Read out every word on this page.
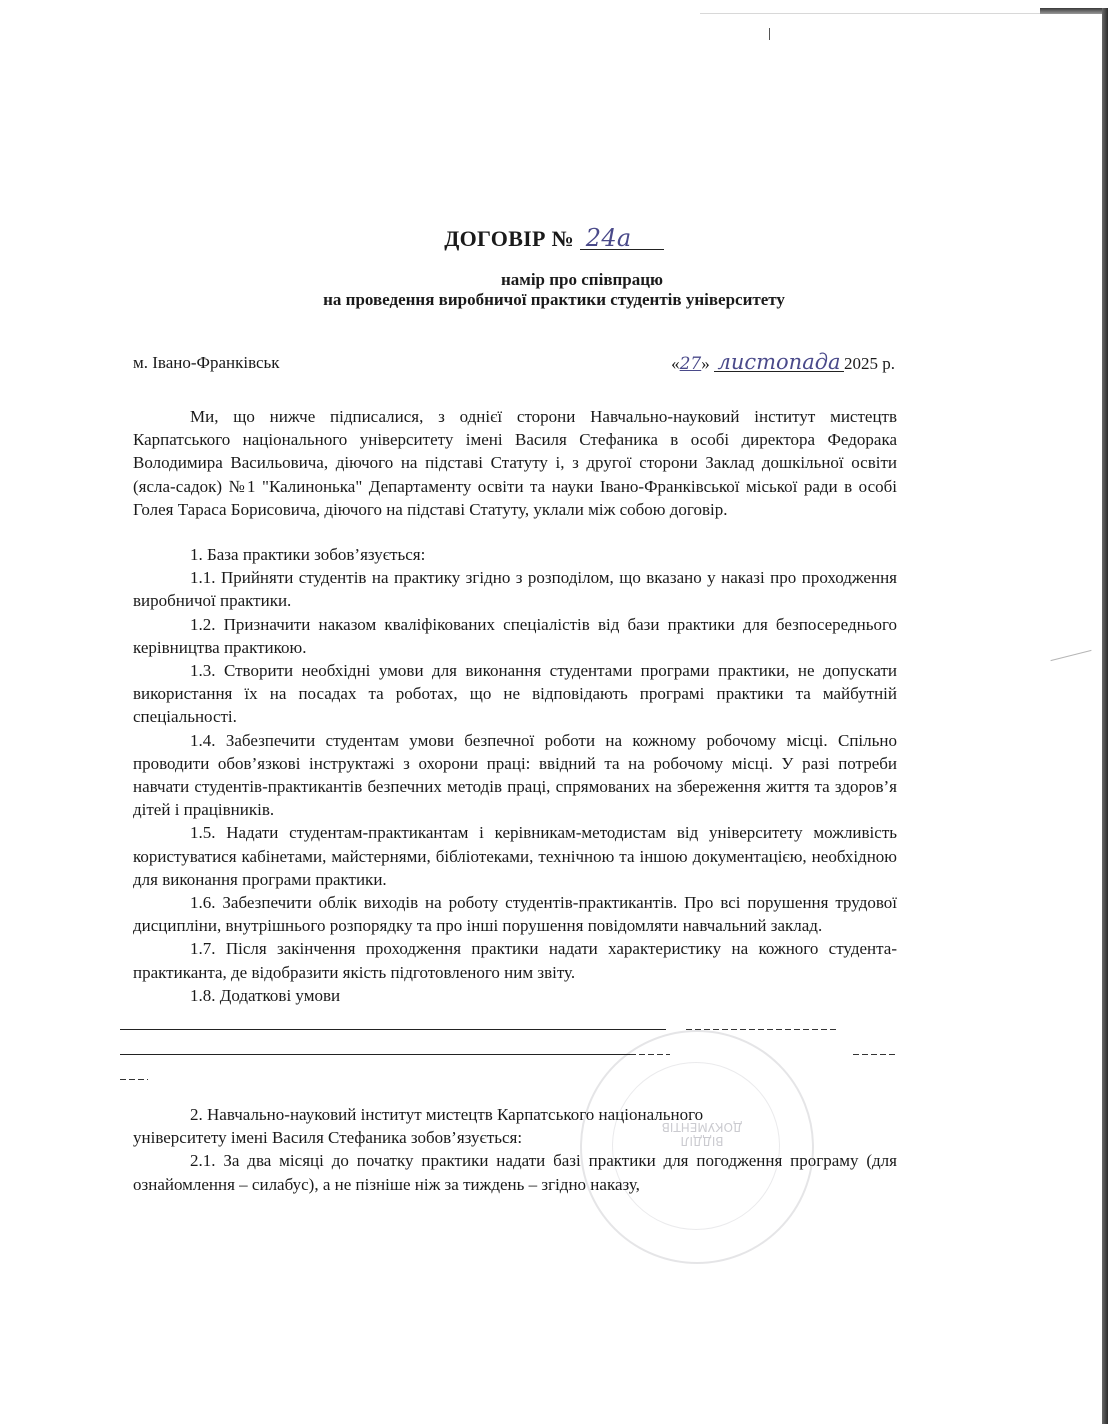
ВІДДІЛ ДОКУМЕНТІВ
ДОГОВІР № 24а
намір про співпрацю
на проведення виробничої практики студентів університету
м. Івано-Франківськ	«27» листопада 2025 р.

Ми, що нижче підписалися, з однієї сторони Навчально-науковий інститут мистецтв Карпатського національного університету імені Василя Стефаника в особі директора Федорака Володимира Васильовича, діючого на підставі Статуту і, з другої сторони Заклад дошкільної освіти (ясла-садок) №1 "Калинонька" Департаменту освіти та науки Івано-Франківської міської ради в особі Голея Тараса Борисовича, діючого на підставі Статуту, уклали між собою договір.

1. База практики зобов’язується:

1.1. Прийняти студентів на практику згідно з розподілом, що вказано у наказі про проходження виробничої практики.

1.2. Призначити наказом кваліфікованих спеціалістів від бази практики для безпосереднього керівництва практикою.

1.3. Створити необхідні умови для виконання студентами програми практики, не допускати використання їх на посадах та роботах, що не відповідають програмі практики та майбутній спеціальності.

1.4. Забезпечити студентам умови безпечної роботи на кожному робочому місці. Спільно проводити обов’язкові інструктажі з охорони праці: ввідний та на робочому місці. У разі потреби навчати студентів-практикантів безпечних методів праці, спрямованих на збереження життя та здоров’я дітей і працівників.

1.5. Надати студентам-практикантам і керівникам-методистам від університету можливість користуватися кабінетами, майстернями, бібліотеками, технічною та іншою документацією, необхідною для виконання програми практики.

1.6. Забезпечити облік виходів на роботу студентів-практикантів. Про всі порушення трудової дисципліни, внутрішнього розпорядку та про інші порушення повідомляти навчальний заклад.

1.7. Після закінчення проходження практики надати характеристику на кожного студента-практиканта, де відобразити якість підготовленого ним звіту.

1.8. Додаткові умови

2. Навчально-науковий інститут мистецтв Карпатського національного

університету імені Василя Стефаника зобов’язується:

2.1. За два місяці до початку практики надати базі практики для погодження програму (для ознайомлення – силабус), а не пізніше ніж за тиждень – згідно наказу,
